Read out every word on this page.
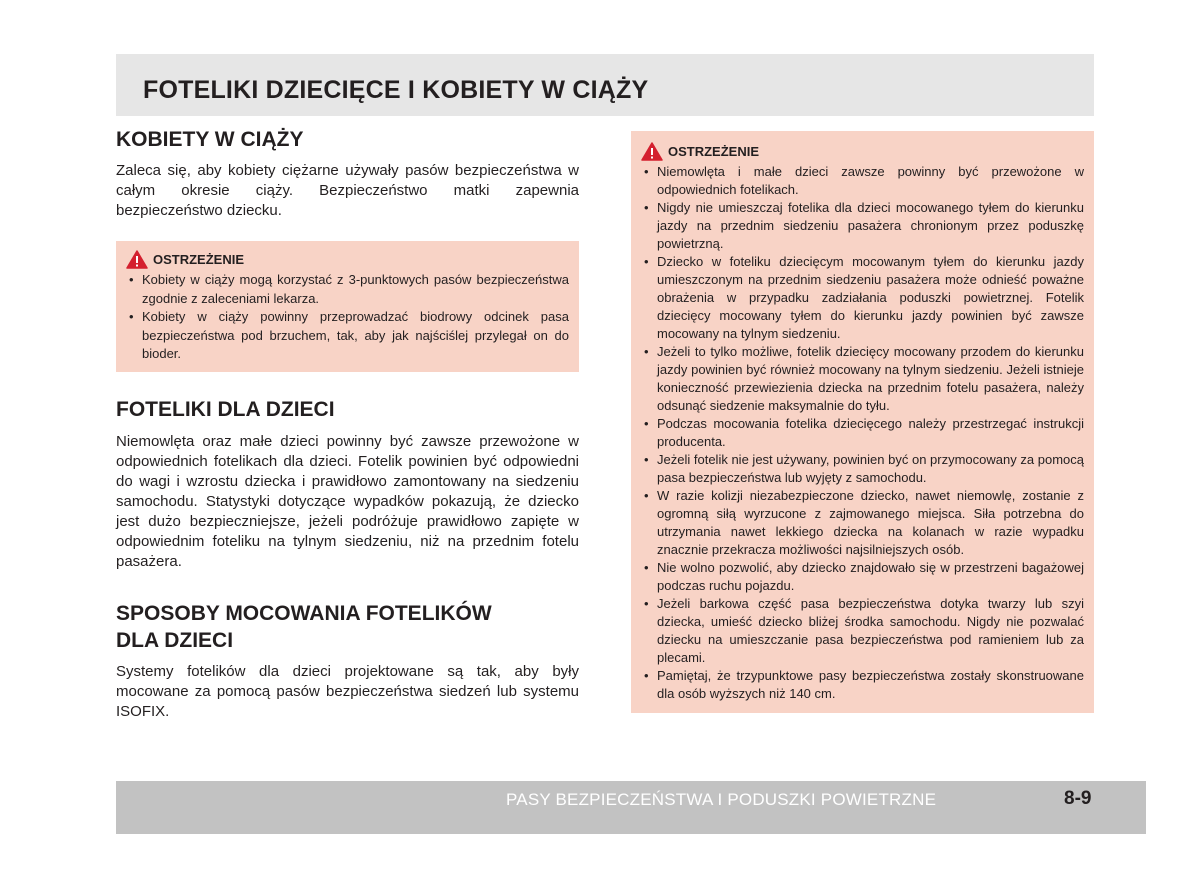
FOTELIKI DZIECIĘCE I KOBIETY W CIĄŻY
KOBIETY W CIĄŻY

Zaleca się, aby kobiety ciężarne używały pasów bezpieczeństwa w całym okresie ciąży. Bezpieczeństwo matki zapewnia bezpieczeństwo dziecku.

OSTRZEŻENIE
• Kobiety w ciąży mogą korzystać z 3-punktowych pasów bezpieczeństwa zgodnie z zaleceniami lekarza.
• Kobiety w ciąży powinny przeprowadzać biodrowy odcinek pasa bezpieczeństwa pod brzuchem, tak, aby jak najściślej przylegał on do bioder.
FOTELIKI DLA DZIECI

Niemowlęta oraz małe dzieci powinny być zawsze przewożone w odpowiednich fotelikach dla dzieci. Fotelik powinien być odpowiedni do wagi i wzrostu dziecka i prawidłowo zamontowany na siedzeniu samochodu. Statystyki dotyczące wypadków pokazują, że dziecko jest dużo bezpieczniejsze, jeżeli podróżuje prawidłowo zapięte w odpowiednim foteliku na tylnym siedzeniu, niż na przednim fotelu pasażera.

SPOSOBY MOCOWANIA FOTELIKÓW
DLA DZIECI

Systemy fotelików dla dzieci projektowane są tak, aby były mocowane za pomocą pasów bezpieczeństwa siedzeń lub systemu ISOFIX.

OSTRZEŻENIE
• Niemowlęta i małe dzieci zawsze powinny być przewożone w odpowiednich fotelikach.
• Nigdy nie umieszczaj fotelika dla dzieci mocowanego tyłem do kierunku jazdy na przednim siedzeniu pasażera chronionym przez poduszkę powietrzną.
• Dziecko w foteliku dziecięcym mocowanym tyłem do kierunku jazdy umieszczonym na przednim siedzeniu pasażera może odnieść poważne obrażenia w przypadku zadziałania poduszki powietrznej. Fotelik dziecięcy mocowany tyłem do kierunku jazdy powinien być zawsze mocowany na tylnym siedzeniu.
• Jeżeli to tylko możliwe, fotelik dziecięcy mocowany przodem do kierunku jazdy powinien być również mocowany na tylnym siedzeniu. Jeżeli istnieje konieczność przewiezienia dziecka na przednim fotelu pasażera, należy odsunąć siedzenie maksymalnie do tyłu.
• Podczas mocowania fotelika dziecięcego należy przestrzegać instrukcji producenta.
• Jeżeli fotelik nie jest używany, powinien być on przymocowany za pomocą pasa bezpieczeństwa lub wyjęty z samochodu.
• W razie kolizji niezabezpieczone dziecko, nawet niemowlę, zostanie z ogromną siłą wyrzucone z zajmowanego miejsca. Siła potrzebna do utrzymania nawet lekkiego dziecka na kolanach w razie wypadku znacznie przekracza możliwości najsilniejszych osób.
• Nie wolno pozwolić, aby dziecko znajdowało się w przestrzeni bagażowej podczas ruchu pojazdu.
• Jeżeli barkowa część pasa bezpieczeństwa dotyka twarzy lub szyi dziecka, umieść dziecko bliżej środka samochodu. Nigdy nie pozwalać dziecku na umieszczanie pasa bezpieczeństwa pod ramieniem lub za plecami.
• Pamiętaj, że trzypunktowe pasy bezpieczeństwa zostały skonstruowane dla osób wyższych niż 140 cm.
PASY BEZPIECZEŃSTWA I PODUSZKI POWIETRZNE	8-9
